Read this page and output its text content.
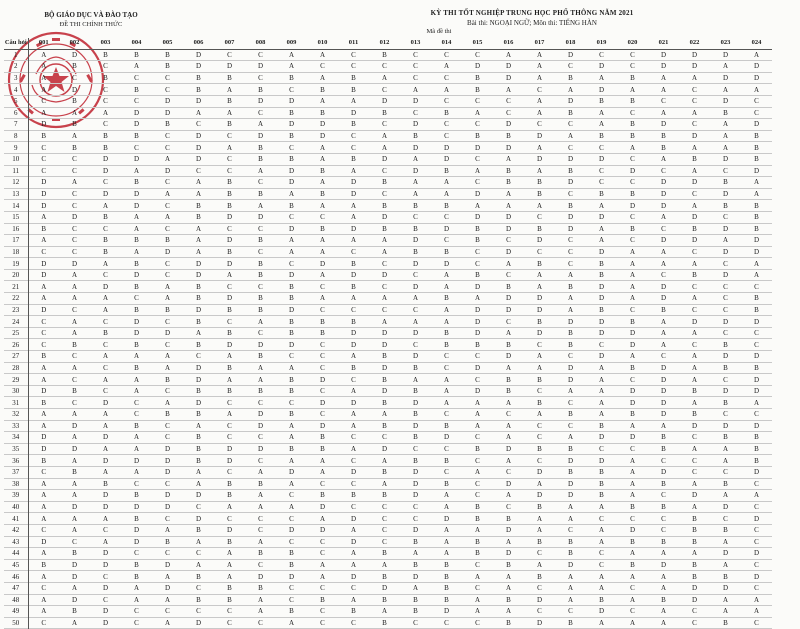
BỘ GIÁO DỤC VÀ ĐÀO TẠO
ĐỀ THI CHÍNH THỨC
KỲ THI TỐT NGHIỆP TRUNG HỌC PHỔ THÔNG NĂM 2021
Bài thi: NGOẠI NGỮ; Môn thi: TIẾNG HÀN
Mã đề thi
Câu hỏi	001	002	003	004	005	006	007	008	009	010	011	012	013	014	015	016	017	018	019	020	021	022	023	024
1	A	D	B	B	B	D	C	C	A	A	C	B	C	C	C	A	A	D	C	C	D	D	D	A
2	A	B	C	A	B	D	D	D	A	C	C	C	C	A	D	D	A	C	D	C	D	D	A	D
3	A	C	B	C	C	B	B	C	B	A	B	A	C	C	B	D	A	B	A	B	A	A	D	D
4	A	D	C	B	C	B	A	B	C	B	B	C	A	A	B	A	C	A	D	A	A	C	A	A
5	C	B	C	C	D	D	B	D	D	A	A	D	D	C	C	C	A	D	B	B	C	C	D	C
6	A	A	A	D	D	A	A	C	B	B	D	B	C	B	A	C	A	B	A	C	A	A	B	C
7	D	B	C	D	B	C	B	A	D	D	B	C	D	C	C	D	C	C	A	B	D	C	A	D
8	B	A	B	B	C	D	C	D	B	D	C	A	B	C	B	B	D	A	B	B	B	D	A	B
9	C	B	B	C	C	D	A	B	C	A	C	A	D	D	D	D	A	C	C	A	B	A	A	B
10	C	C	D	D	A	D	C	B	B	A	B	D	A	D	C	A	D	D	D	C	A	B	D	B
11	C	C	D	A	D	C	C	A	D	B	A	C	D	B	A	B	A	B	C	D	C	A	C	D
12	D	A	C	B	C	A	B	C	D	A	D	B	A	A	C	B	B	D	C	C	D	D	B	A
13	D	C	D	D	A	A	B	B	A	B	D	C	A	A	D	A	B	C	B	B	D	C	D	A
14	D	C	A	D	C	B	B	A	B	A	A	B	B	B	A	A	A	B	A	D	D	A	B	B
15	A	D	B	A	A	B	D	D	C	C	A	D	C	C	D	D	C	D	D	C	A	D	C	B
16	B	C	C	A	C	A	C	C	D	B	D	B	B	D	B	D	B	D	A	B	C	B	D	B
17	A	C	B	B	B	A	D	B	A	A	A	A	D	C	B	C	D	C	A	C	D	D	A	D
18	C	C	B	A	D	A	B	C	A	A	C	A	B	B	C	D	C	C	D	A	A	C	D	D
19	D	D	A	B	C	D	D	B	C	D	B	C	D	D	C	A	B	C	B	A	A	A	C	A
20	D	A	C	D	C	D	A	B	D	A	D	D	C	A	B	C	A	A	B	A	C	B	D	A
21	A	A	D	B	A	B	C	C	B	C	B	C	D	A	D	B	A	B	D	A	D	C	C	C
22	A	A	A	C	A	B	D	B	B	A	A	A	A	B	A	D	D	A	D	A	D	A	C	B
23	D	C	A	B	B	D	B	B	D	C	C	C	C	A	D	D	D	A	B	C	B	C	C	B
24	C	A	C	D	C	B	C	A	B	B	B	A	A	A	D	C	B	D	D	B	A	D	D	D
25	C	A	B	D	D	A	B	C	B	B	D	D	D	B	D	A	D	B	D	D	A	A	C	C
26	C	B	C	B	C	B	D	D	D	C	D	D	C	B	B	B	C	B	C	D	A	C	B	C
27	B	C	A	A	A	C	A	B	C	C	A	B	D	C	C	D	A	C	D	A	C	A	D	D
28	A	A	C	B	A	D	B	A	A	C	B	D	B	C	D	A	A	D	A	B	D	A	B	B
29	A	C	A	A	B	D	A	A	B	D	C	B	A	A	C	B	B	D	A	C	D	A	C	D
30	D	B	C	A	C	B	B	B	B	C	A	D	B	A	D	B	C	A	A	D	D	B	D	D
31	B	C	D	C	A	D	C	C	C	D	D	B	D	A	A	A	B	C	A	D	D	A	B	A
32	A	A	A	C	B	B	A	D	B	C	A	A	B	C	A	C	A	B	A	B	D	B	C	C
33	A	D	A	B	C	A	C	D	A	D	A	B	D	B	A	A	C	C	B	A	A	D	D	D
34	D	A	D	A	C	B	C	C	A	B	C	C	B	D	C	A	C	A	D	D	B	C	B	B
35	D	D	A	A	D	B	D	D	B	B	A	D	C	C	B	D	B	B	C	C	B	A	A	B
36	B	A	D	D	D	B	D	C	A	A	C	A	B	B	C	A	C	D	D	A	C	C	A	B
37	C	B	A	A	D	A	C	A	D	A	D	B	D	C	A	C	D	B	B	A	D	C	C	D
38	A	A	B	C	C	A	B	B	A	C	C	A	D	B	C	D	A	D	B	A	B	A	B	C
39	A	A	D	B	D	D	B	A	C	B	B	B	D	A	C	A	D	D	B	A	C	D	A	A
40	A	D	D	D	D	C	A	A	A	D	C	C	C	A	B	C	B	A	A	B	B	A	D	C
41	A	A	A	B	C	D	C	C	C	A	D	C	C	D	B	B	A	A	C	C	C	B	C	D
42	C	A	C	D	A	B	D	C	D	D	A	C	D	A	A	D	A	C	A	D	C	B	B	C
43	D	C	A	D	B	A	B	A	C	C	D	C	B	A	B	A	B	B	A	B	B	B	A	C
44	A	B	D	C	C	C	A	B	B	C	A	B	A	A	B	D	C	B	C	A	A	A	D	D
45	B	D	D	B	D	A	A	C	B	A	A	A	B	B	C	B	A	D	C	B	D	B	A	C
46	A	D	C	B	A	B	A	D	D	A	D	B	D	B	A	A	B	A	A	A	A	B	B	D
47	C	A	D	A	D	C	B	B	C	C	C	D	A	B	C	A	C	A	A	C	A	D	D	C
48	A	D	C	A	A	B	B	A	C	B	A	B	B	B	A	B	D	A	B	A	B	D	A	A
49	A	B	D	C	C	C	C	A	B	C	B	A	B	D	A	A	C	C	D	C	A	C	A	A
50	C	A	D	C	A	D	C	C	A	C	C	B	C	C	C	B	D	B	A	A	A	C	B	C
